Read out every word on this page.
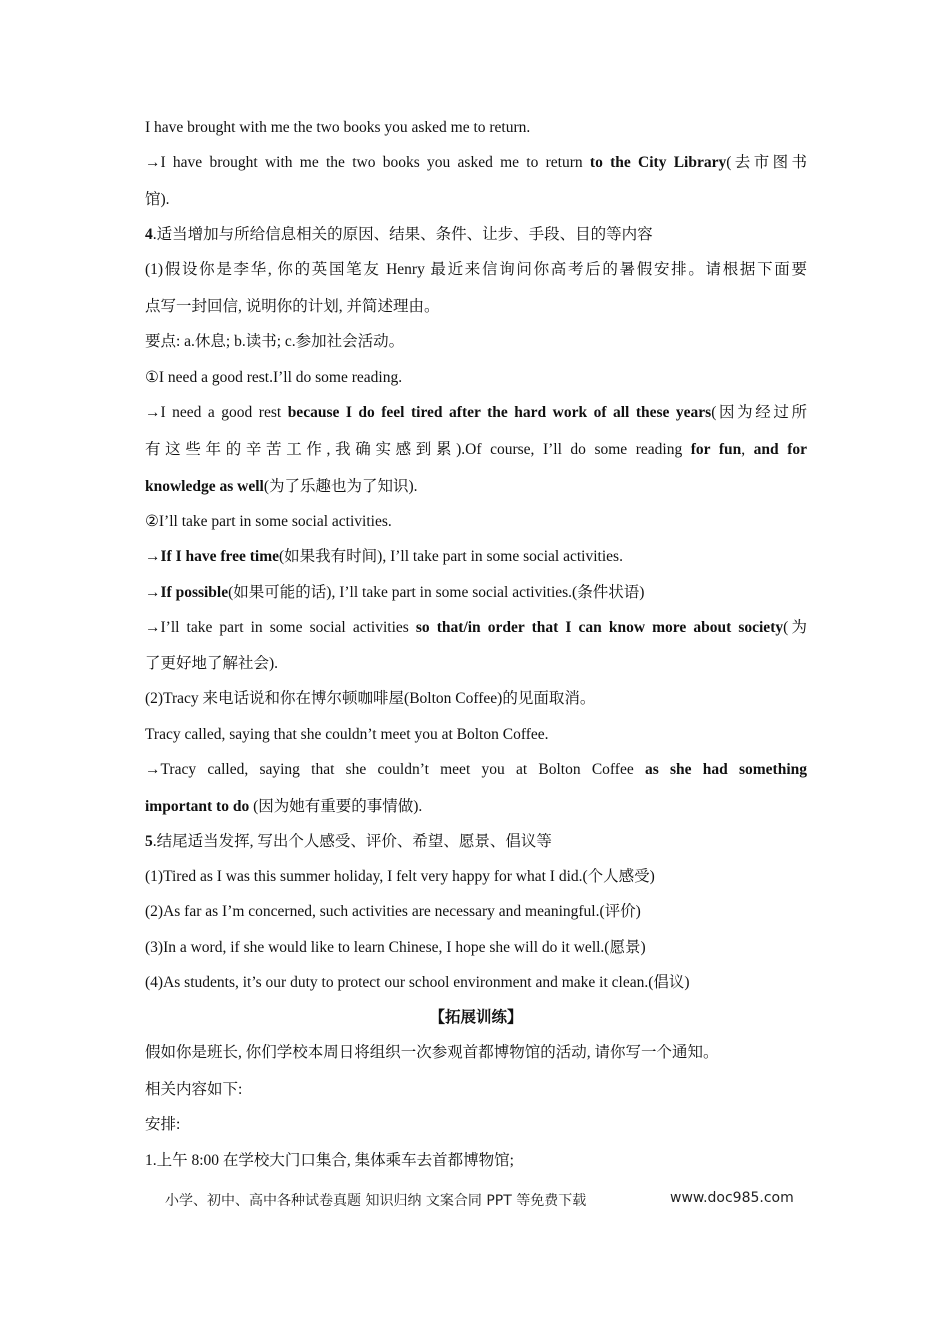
I have brought with me the two books you asked me to return.
→I have brought with me the two books you asked me to return to the City Library(去市图书
馆).
4.适当增加与所给信息相关的原因、结果、条件、让步、手段、目的等内容
(1)假设你是李华, 你的英国笔友 Henry 最近来信询问你高考后的暑假安排。请根据下面要
点写一封回信, 说明你的计划, 并简述理由。
要点: a.休息; b.读书; c.参加社会活动。
①I need a good rest.I’ll do some reading.
→I need a good rest because I do feel tired after the hard work of all these years(因为经过所
有这些年的辛苦工作,我确实感到累).Of course, I’ll do some reading for fun, and for
knowledge as well(为了乐趣也为了知识).
②I’ll take part in some social activities.
→If I have free time(如果我有时间), I’ll take part in some social activities.
→If possible(如果可能的话), I’ll take part in some social activities.(条件状语)
→I’ll take part in some social activities so that/in order that I can know more about society(为
了更好地了解社会).
(2)Tracy 来电话说和你在博尔顿咖啡屋(Bolton Coffee)的见面取消。
Tracy called, saying that she couldn’t meet you at Bolton Coffee.
→Tracy called, saying that she couldn’t meet you at Bolton Coffee as she had something
important to do (因为她有重要的事情做).
5.结尾适当发挥, 写出个人感受、评价、希望、愿景、倡议等
(1)Tired as I was this summer holiday, I felt very happy for what I did.(个人感受)
(2)As far as I’m concerned, such activities are necessary and meaningful.(评价)
(3)In a word, if she would like to learn Chinese, I hope she will do it well.(愿景)
(4)As students, it’s our duty to protect our school environment and make it clean.(倡议)
【拓展训练】
假如你是班长, 你们学校本周日将组织一次参观首都博物馆的活动, 请你写一个通知。
相关内容如下:
安排:
1.上午 8:00 在学校大门口集合, 集体乘车去首都博物馆;
小学、初中、高中各种试卷真题 知识归纳 文案合同 PPT 等免费下载	www.doc985.com
